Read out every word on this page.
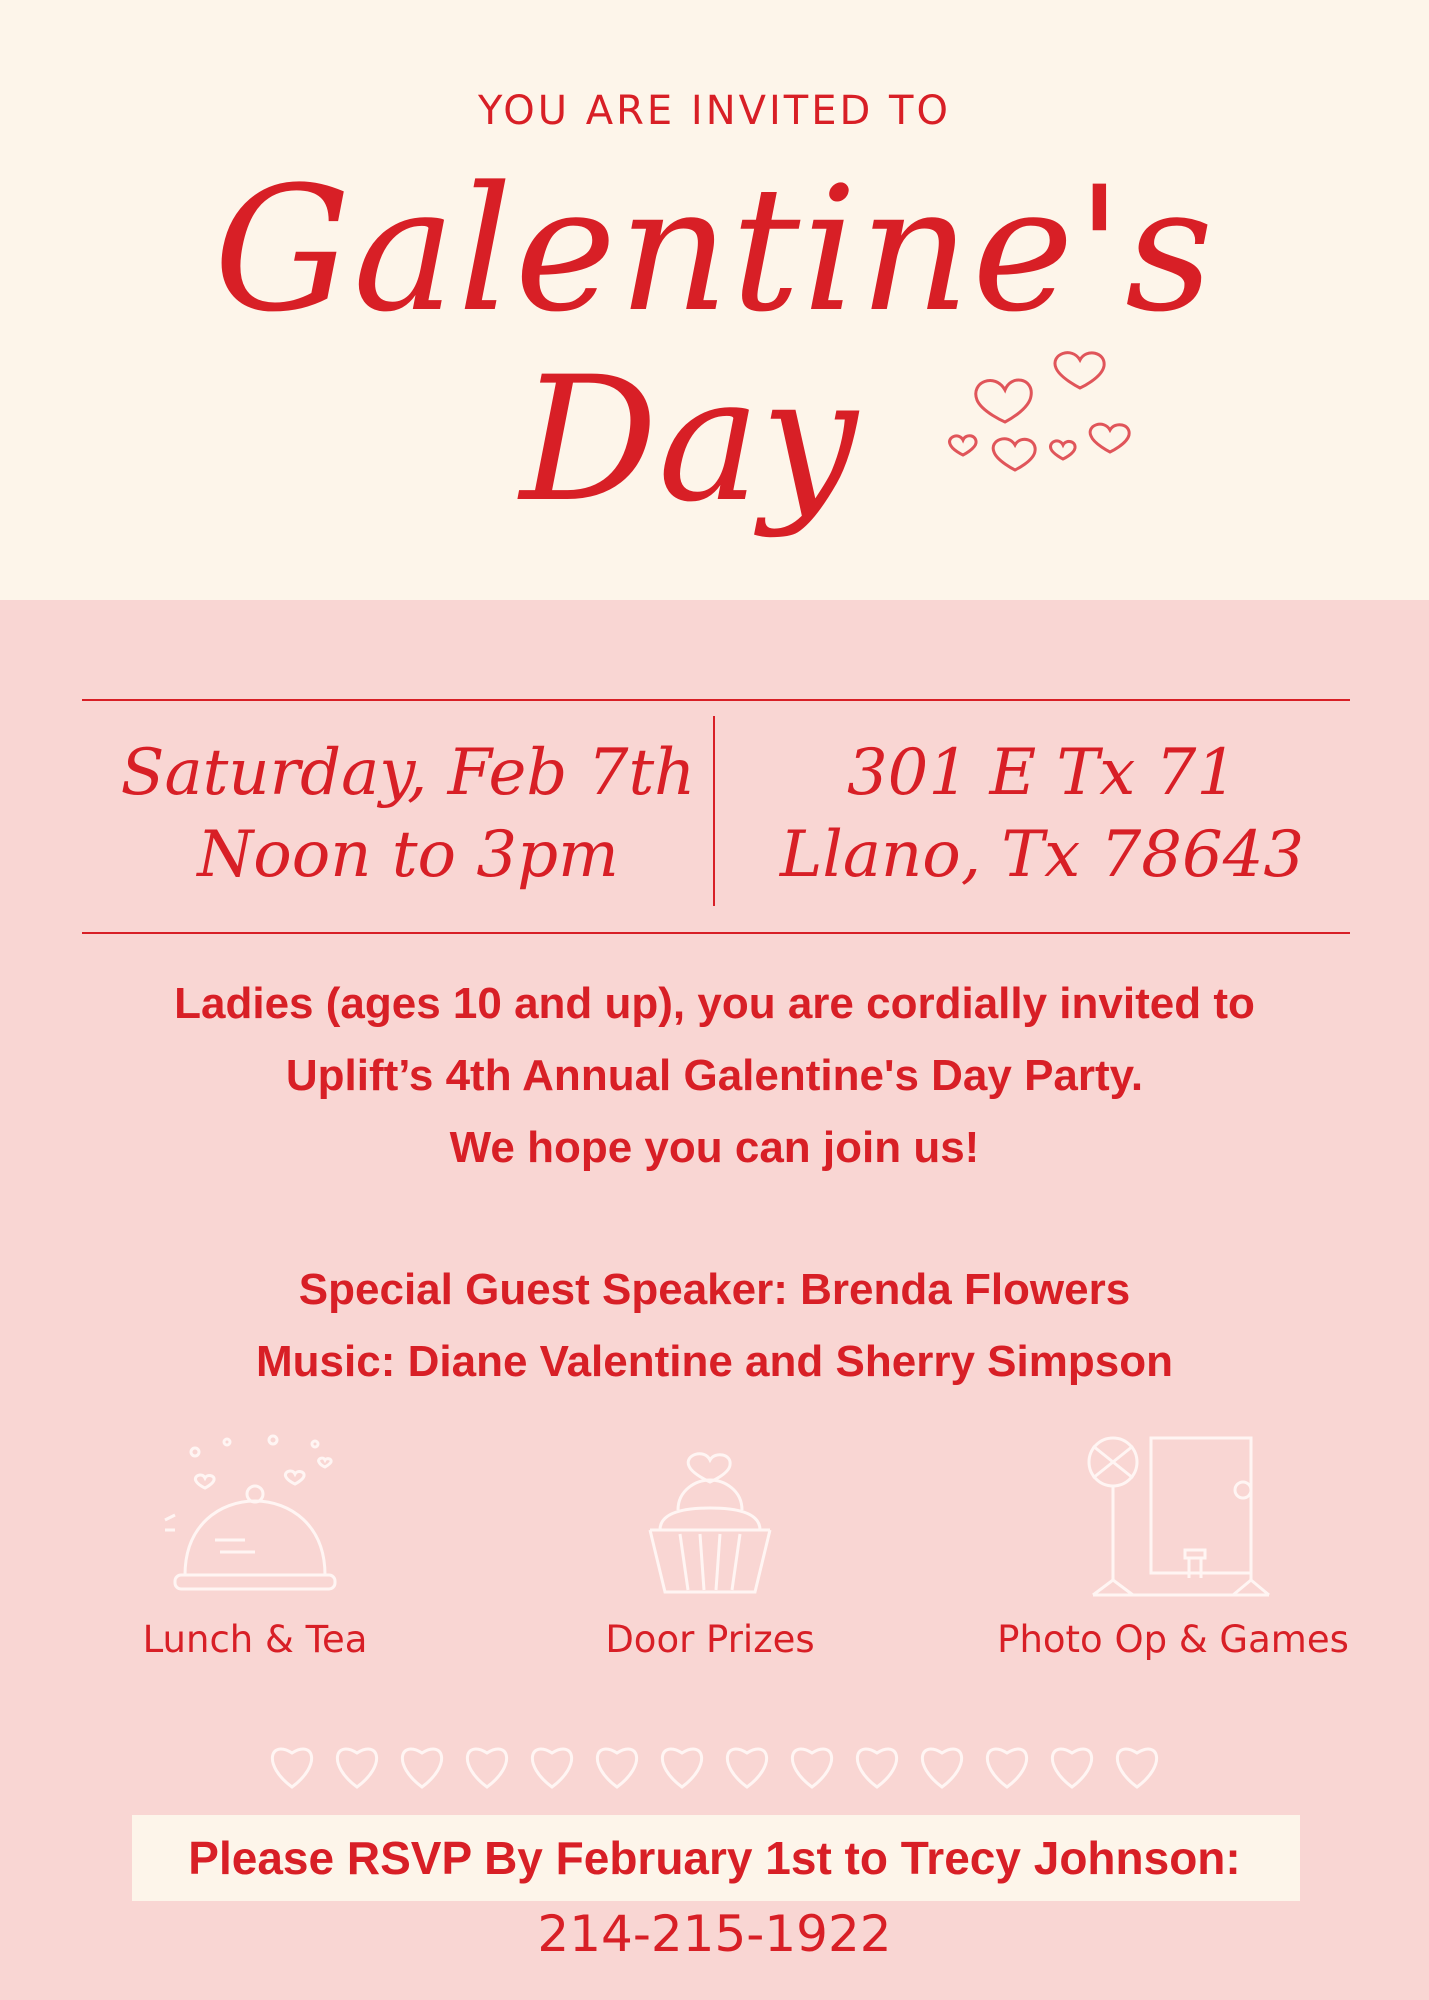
YOU ARE INVITED TO
Galentine's
Day
Saturday, Feb 7th
Noon to 3pm
301 E Tx 71
Llano, Tx 78643
Ladies (ages 10 and up), you are cordially invited to
Uplift’s 4th Annual Galentine's Day Party.
We hope you can join us!
Special Guest Speaker: Brenda Flowers
Music: Diane Valentine and Sherry Simpson
Lunch & Tea	Door Prizes	Photo Op & Games
Please RSVP By February 1st to Trecy Johnson:
214-215-1922
